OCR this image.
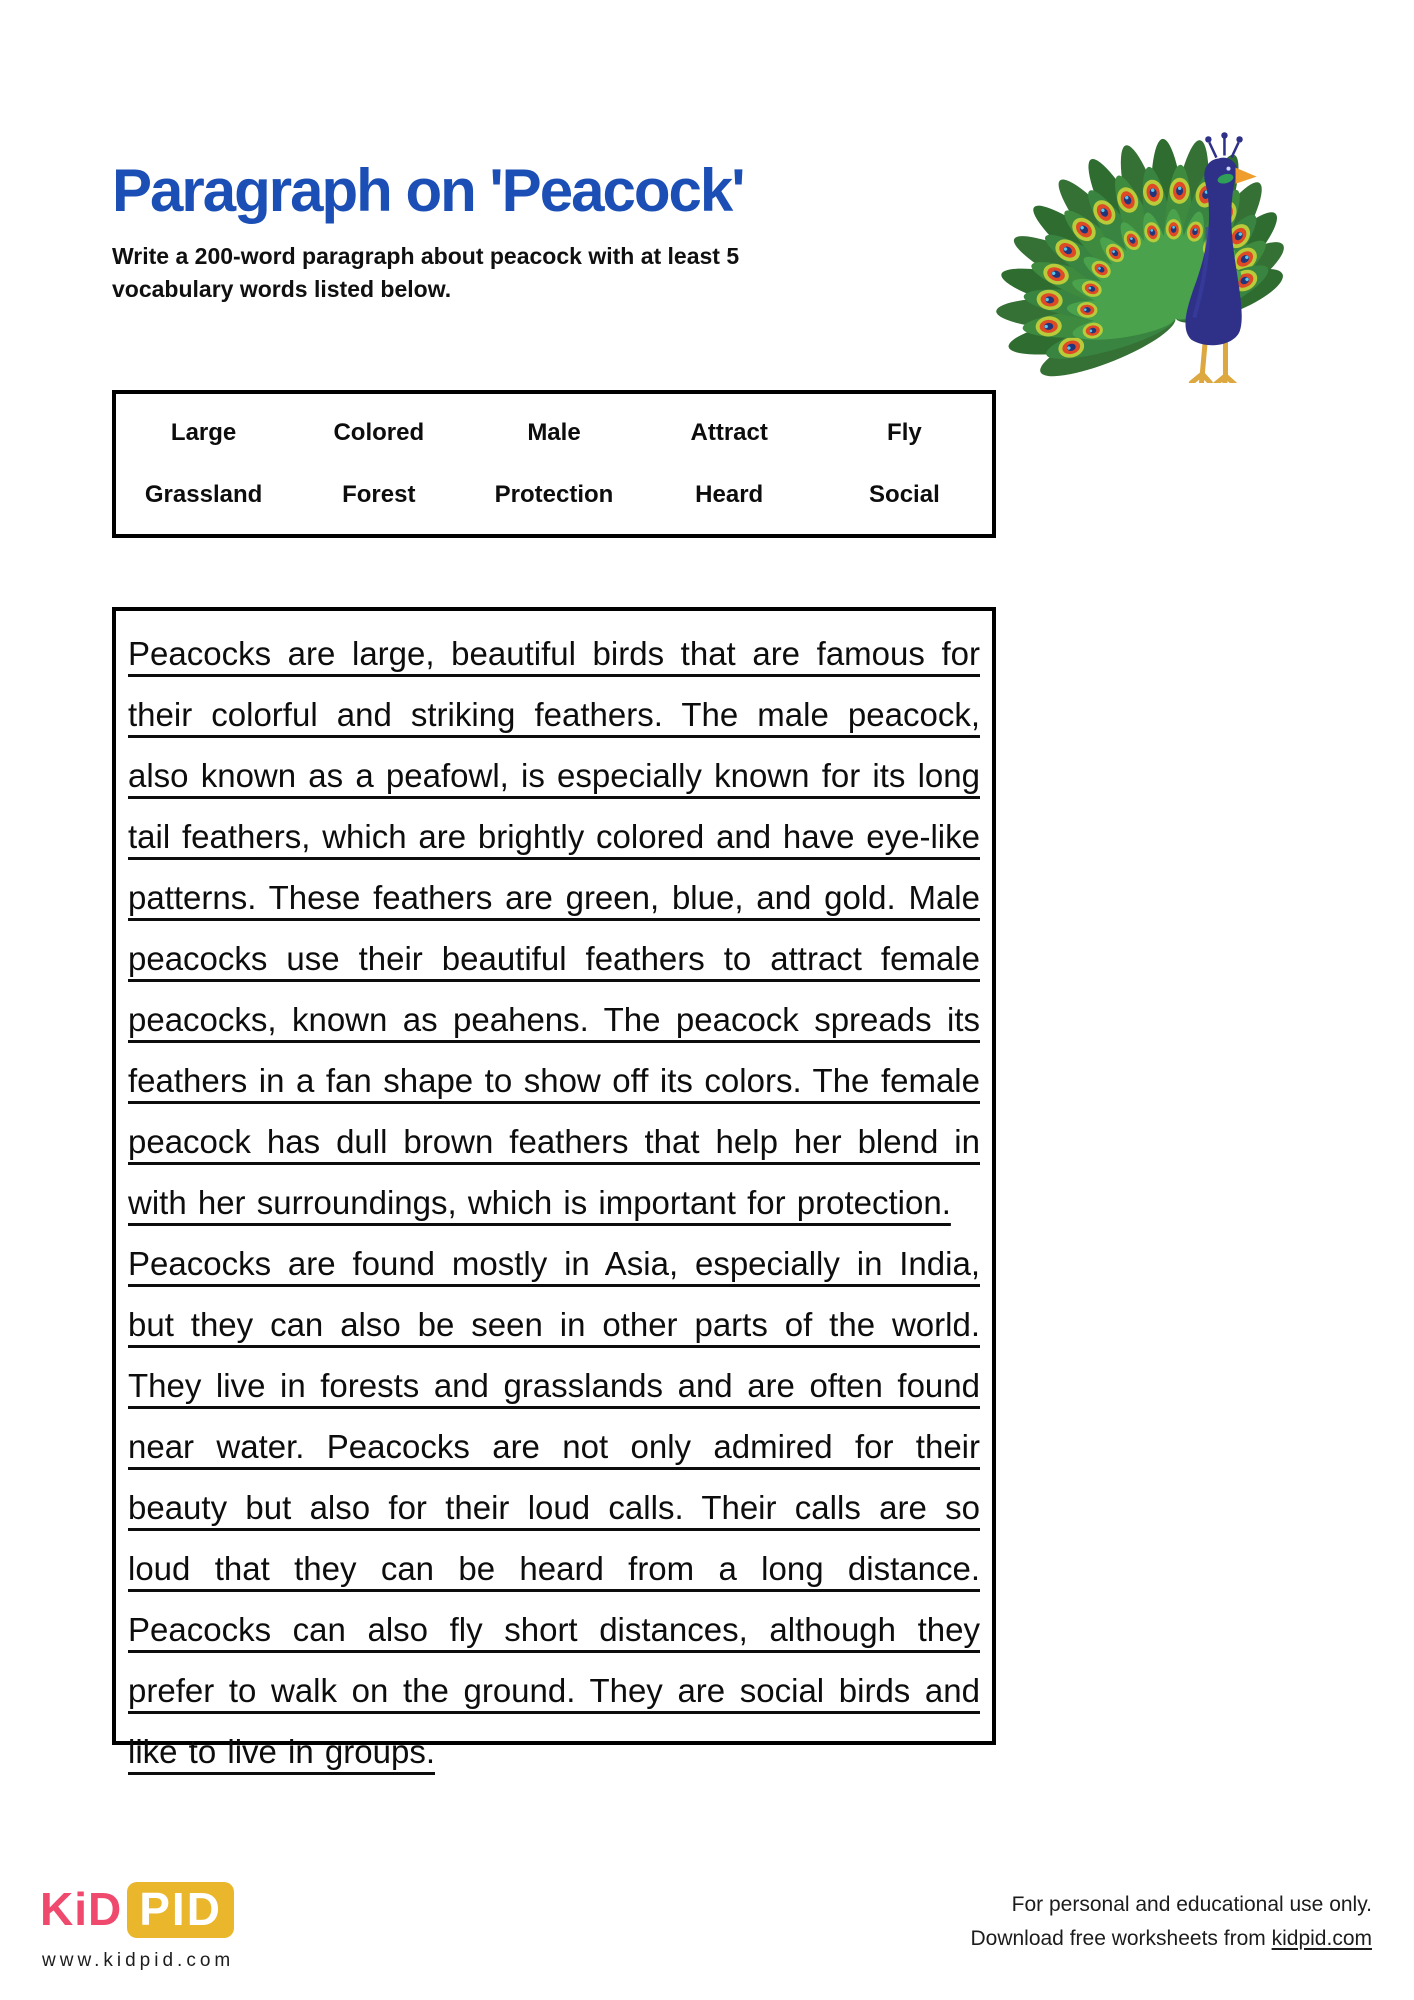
Paragraph on 'Peacock'
Write a 200-word paragraph about peacock with at least 5
vocabulary words listed below.
Large	Colored	Male	Attract	Fly
Grassland	Forest	Protection	Heard	Social

Peacocks are large, beautiful birds that are famous for their colorful and striking feathers. The male peacock, also known as a peafowl, is especially known for its long tail feathers, which are brightly colored and have eye-like patterns. These feathers are green, blue, and gold. Male peacocks use their beautiful feathers to attract female peacocks, known as peahens. The peacock spreads its feathers in a fan shape to show off its colors. The female peacock has dull brown feathers that help her blend in with her surroundings, which is important for protection.

Peacocks are found mostly in Asia, especially in India, but they can also be seen in other parts of the world. They live in forests and grasslands and are often found near water. Peacocks are not only admired for their beauty but also for their loud calls. Their calls are so loud that they can be heard from a long distance. Peacocks can also fly short distances, although they prefer to walk on the ground. They are social birds and like to live in groups.

KiD PID
www.kidpid.com
For personal and educational use only.
Download free worksheets from kidpid.com
